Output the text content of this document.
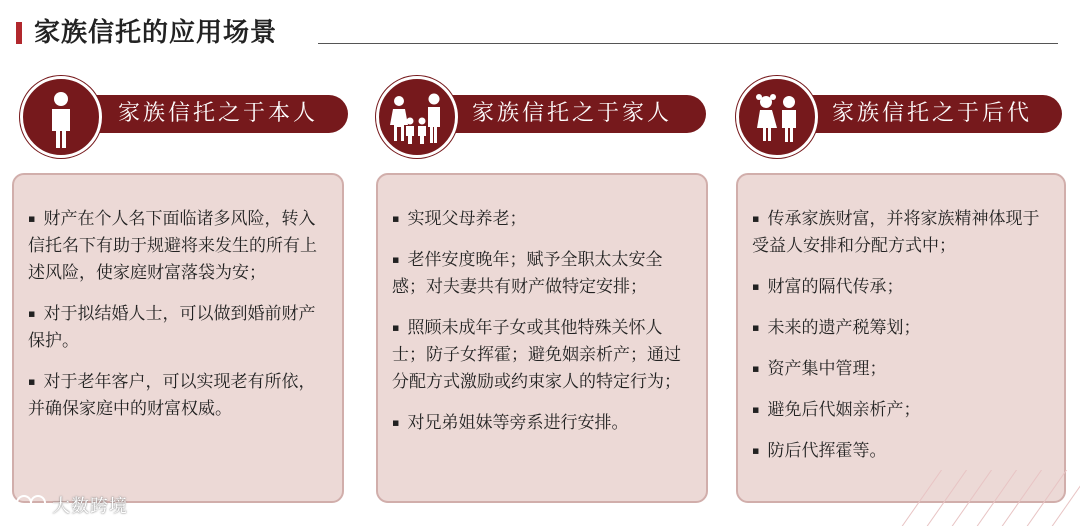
家族信托的应用场景
家族信托之于本人
▪ 财产在个人名下面临诸多风险，转入信托名下有助于规避将来发生的所有上述风险，使家庭财富落袋为安；
▪ 对于拟结婚人士，可以做到婚前财产保护。
▪ 对于老年客户，可以实现老有所依，并确保家庭中的财富权威。
家族信托之于家人
▪ 实现父母养老；
▪ 老伴安度晚年；赋予全职太太安全感；对夫妻共有财产做特定安排；
▪ 照顾未成年子女或其他特殊关怀人士；防子女挥霍；避免姻亲析产；通过分配方式激励或约束家人的特定行为；
▪ 对兄弟姐妹等旁系进行安排。
家族信托之于后代
▪ 传承家族财富，并将家族精神体现于受益人安排和分配方式中；
▪ 财富的隔代传承；
▪ 未来的遗产税筹划；
▪ 资产集中管理；
▪ 避免后代姻亲析产；
▪ 防后代挥霍等。
大数跨境
